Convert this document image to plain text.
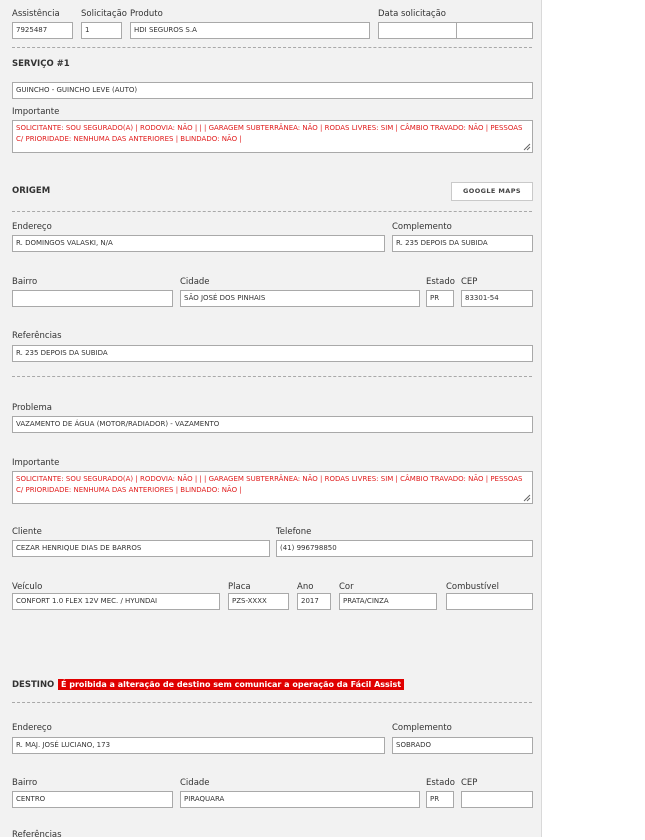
Assistência
7925487
Solicitação
1
Produto
HDI SEGUROS S.A
Data solicitação
SERVIÇO #1
GUINCHO - GUINCHO LEVE (AUTO)
Importante
SOLICITANTE: SOU SEGURADO(A) | RODOVIA: NÃO | | | GARAGEM SUBTERRÂNEA: NÃO | RODAS LIVRES: SIM | CÂMBIO TRAVADO: NÃO | PESSOAS C/ PRIORIDADE: NENHUMA DAS ANTERIORES | BLINDADO: NÃO |
ORIGEM	GOOGLE MAPS
Endereço
R. DOMINGOS VALASKI, N/A
Complemento
R. 235 DEPOIS DA SUBIDA
Bairro	Cidade
SÃO JOSÉ DOS PINHAIS
Estado
PR
CEP
83301-54
Referências
R. 235 DEPOIS DA SUBIDA
Problema
VAZAMENTO DE ÁGUA (MOTOR/RADIADOR) - VAZAMENTO
Importante
SOLICITANTE: SOU SEGURADO(A) | RODOVIA: NÃO | | | GARAGEM SUBTERRÂNEA: NÃO | RODAS LIVRES: SIM | CÂMBIO TRAVADO: NÃO | PESSOAS C/ PRIORIDADE: NENHUMA DAS ANTERIORES | BLINDADO: NÃO |
Cliente
CEZAR HENRIQUE DIAS DE BARROS
Telefone
(41) 996798850
Veículo
CONFORT 1.0 FLEX 12V MEC. / HYUNDAI
Placa
PZS-XXXX
Ano
2017
Cor
PRATA/CINZA
Combustível
DESTINO É proibida a alteração de destino sem comunicar a operação da Fácil Assist
Endereço
R. MAJ. JOSÉ LUCIANO, 173
Complemento
SOBRADO
Bairro
CENTRO
Cidade
PIRAQUARA
Estado
PR
CEP
Referências
